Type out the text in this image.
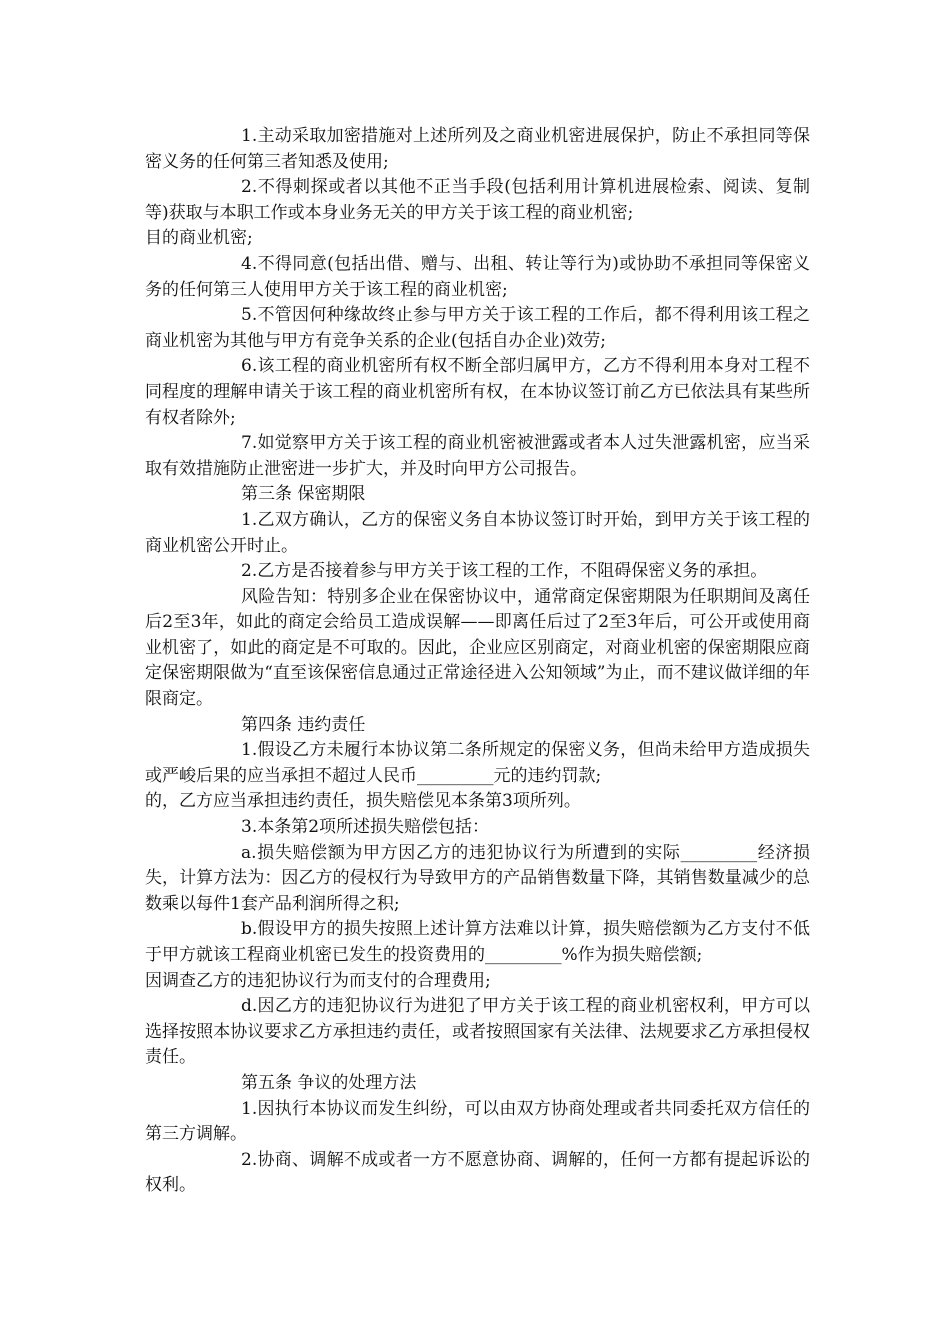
1.主动采取加密措施对上述所列及之商业机密进展保护，防止不承担同等保密义务的任何第三者知悉及使用;

2.不得刺探或者以其他不正当手段(包括利用计算机进展检索、阅读、复制等)获取与本职工作或本身业务无关的甲方关于该工程的商业机密;

目的商业机密;

4.不得同意(包括出借、赠与、出租、转让等行为)或协助不承担同等保密义务的任何第三人使用甲方关于该工程的商业机密;

5.不管因何种缘故终止参与甲方关于该工程的工作后，都不得利用该工程之商业机密为其他与甲方有竞争关系的企业(包括自办企业)效劳;

6.该工程的商业机密所有权不断全部归属甲方，乙方不得利用本身对工程不同程度的理解申请关于该工程的商业机密所有权，在本协议签订前乙方已依法具有某些所有权者除外;

7.如觉察甲方关于该工程的商业机密被泄露或者本人过失泄露机密，应当采取有效措施防止泄密进一步扩大，并及时向甲方公司报告。

第三条 保密期限

1.乙双方确认，乙方的保密义务自本协议签订时开始，到甲方关于该工程的商业机密公开时止。

2.乙方是否接着参与甲方关于该工程的工作，不阻碍保密义务的承担。

风险告知：特别多企业在保密协议中，通常商定保密期限为任职期间及离任后2至3年，如此的商定会给员工造成误解——即离任后过了2至3年后，可公开或使用商业机密了，如此的商定是不可取的。因此，企业应区别商定，对商业机密的保密期限应商定保密期限做为“直至该保密信息通过正常途径进入公知领域”为止，而不建议做详细的年限商定。

第四条 违约责任

1.假设乙方未履行本协议第二条所规定的保密义务，但尚未给甲方造成损失或严峻后果的应当承担不超过人民币_________元的违约罚款;

的，乙方应当承担违约责任，损失赔偿见本条第3项所列。

3.本条第2项所述损失赔偿包括：

a.损失赔偿额为甲方因乙方的违犯协议行为所遭到的实际_________经济损失，计算方法为：因乙方的侵权行为导致甲方的产品销售数量下降，其销售数量减少的总数乘以每件1套产品利润所得之积;

b.假设甲方的损失按照上述计算方法难以计算，损失赔偿额为乙方支付不低于甲方就该工程商业机密已发生的投资费用的_________%作为损失赔偿额;

因调查乙方的违犯协议行为而支付的合理费用;

d.因乙方的违犯协议行为进犯了甲方关于该工程的商业机密权利，甲方可以选择按照本协议要求乙方承担违约责任，或者按照国家有关法律、法规要求乙方承担侵权责任。

第五条 争议的处理方法

1.因执行本协议而发生纠纷，可以由双方协商处理或者共同委托双方信任的第三方调解。

2.协商、调解不成或者一方不愿意协商、调解的，任何一方都有提起诉讼的权利。
